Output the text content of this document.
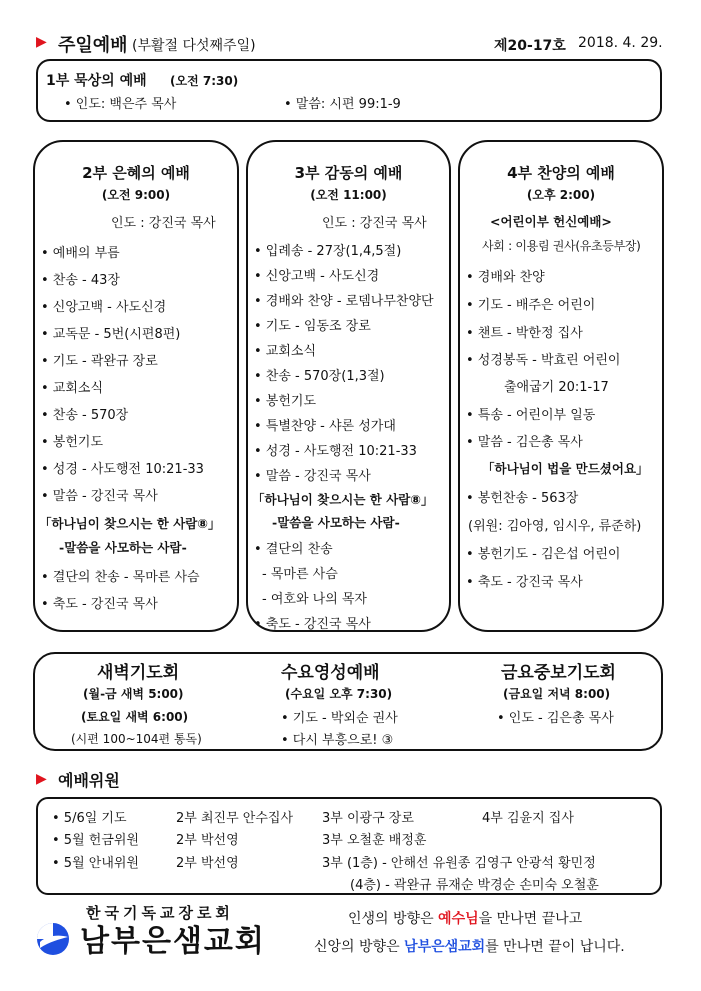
▶ 주일예배 (부활절 다섯째주일)	제20-17호 2018. 4. 29.
1부 묵상의 예배 (오전 7:30)
• 인도: 백은주 목사	• 말씀: 시편 99:1-9
2부 은혜의 예배
(오전 9:00)
인도 : 강진국 목사
• 예배의 부름
• 찬송 - 43장
• 신앙고백 - 사도신경
• 교독문 - 5번(시편8편)
• 기도 - 곽완규 장로
• 교회소식
• 찬송 - 570장
• 봉헌기도
• 성경 - 사도행전 10:21-33
• 말씀 - 강진국 목사
「하나님이 찾으시는 한 사람⑧」
-말씀을 사모하는 사람-
• 결단의 찬송 - 목마른 사슴
• 축도 - 강진국 목사
3부 감동의 예배
(오전 11:00)
인도 : 강진국 목사
• 입례송 - 27장(1,4,5절)
• 신앙고백 - 사도신경
• 경배와 찬양 - 로뎀나무찬양단
• 기도 - 임동조 장로
• 교회소식
• 찬송 - 570장(1,3절)
• 봉헌기도
• 특별찬양 - 샤론 성가대
• 성경 - 사도행전 10:21-33
• 말씀 - 강진국 목사
「하나님이 찾으시는 한 사람⑧」
-말씀을 사모하는 사람-
• 결단의 찬송
- 목마른 사슴
- 여호와 나의 목자
• 축도 - 강진국 목사
4부 찬양의 예배
(오후 2:00)
<어린이부 헌신예배>
사회 : 이용림 권사(유초등부장)
• 경배와 찬양
• 기도 - 배주은 어린이
• 챈트 - 박한정 집사
• 성경봉독 - 박효린 어린이
출애굽기 20:1-17
• 특송 - 어린이부 일동
• 말씀 - 김은총 목사
「하나님이 법을 만드셨어요」
• 봉헌찬송 - 563장
(위원: 김아영, 임시우, 류준하)
• 봉헌기도 - 김은섭 어린이
• 축도 - 강진국 목사
새벽기도회
(월-금 새벽 5:00)
(토요일 새벽 6:00)
(시편 100~104편 통독)
수요영성예배
(수요일 오후 7:30)
• 기도 - 박외순 권사
• 다시 부흥으로! ③
금요중보기도회
(금요일 저녁 8:00)
• 인도 - 김은총 목사
▶ 예배위원
• 5/6일 기도	2부 최진무 안수집사 3부 이광구 장로	4부 김윤지 집사
• 5월 헌금위원	2부 박선영	3부 오철훈 배정훈
• 5월 안내위원	2부 박선영	3부 (1층) - 안해선 유원종 김영구 안광석 황민정
(4층) - 곽완규 류재순 박경순 손미숙 오철훈
한국기독교장로회
남부은샘교회
인생의 방향은 예수님을 만나면 끝나고
신앙의 방향은 남부은샘교회를 만나면 끝이 납니다.
